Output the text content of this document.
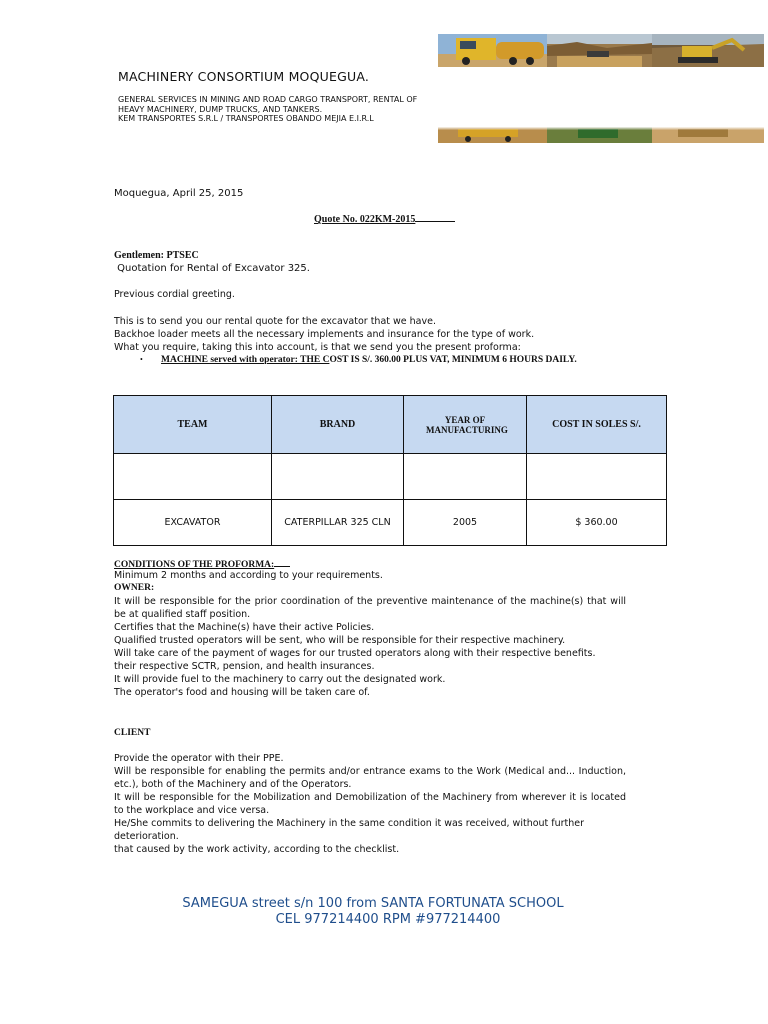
MACHINERY CONSORTIUM MOQUEGUA.
GENERAL SERVICES IN MINING AND ROAD CARGO TRANSPORT, RENTAL OF
HEAVY MACHINERY, DUMP TRUCKS, AND TANKERS.
KEM TRANSPORTES S.R.L / TRANSPORTES OBANDO MEJIA E.I.R.L
Moquegua, April 25, 2015
Quote No. 022KM-2015
Gentlemen: PTSEC
Quotation for Rental of Excavator 325.
Previous cordial greeting.
This is to send you our rental quote for the excavator that we have.
Backhoe loader meets all the necessary implements and insurance for the type of work.
What you require, taking this into account, is that we send you the present proforma:
• MACHINE served with operator: THE COST IS S/. 360.00 PLUS VAT, MINIMUM 6 HOURS DAILY.
TEAM	BRAND	YEAR OF MANUFACTURING	COST IN SOLES S/.

EXCAVATOR	CATERPILLAR 325 CLN	2005	$ 360.00
CONDITIONS OF THE PROFORMA:
Minimum 2 months and according to your requirements.
OWNER:
It will be responsible for the prior coordination of the preventive maintenance of the machine(s) that will be at qualified staff position.
Certifies that the Machine(s) have their active Policies.
Qualified trusted operators will be sent, who will be responsible for their respective machinery.
Will take care of the payment of wages for our trusted operators along with their respective benefits.
their respective SCTR, pension, and health insurances.
It will provide fuel to the machinery to carry out the designated work.
The operator's food and housing will be taken care of.
CLIENT
Provide the operator with their PPE.
Will be responsible for enabling the permits and/or entrance exams to the Work (Medical and... Induction, etc.), both of the Machinery and of the Operators.
It will be responsible for the Mobilization and Demobilization of the Machinery from wherever it is located to the workplace and vice versa.
He/She commits to delivering the Machinery in the same condition it was received, without further deterioration.
that caused by the work activity, according to the checklist.
SAMEGUA street s/n 100 from SANTA FORTUNATA SCHOOL
CEL 977214400 RPM #977214400
